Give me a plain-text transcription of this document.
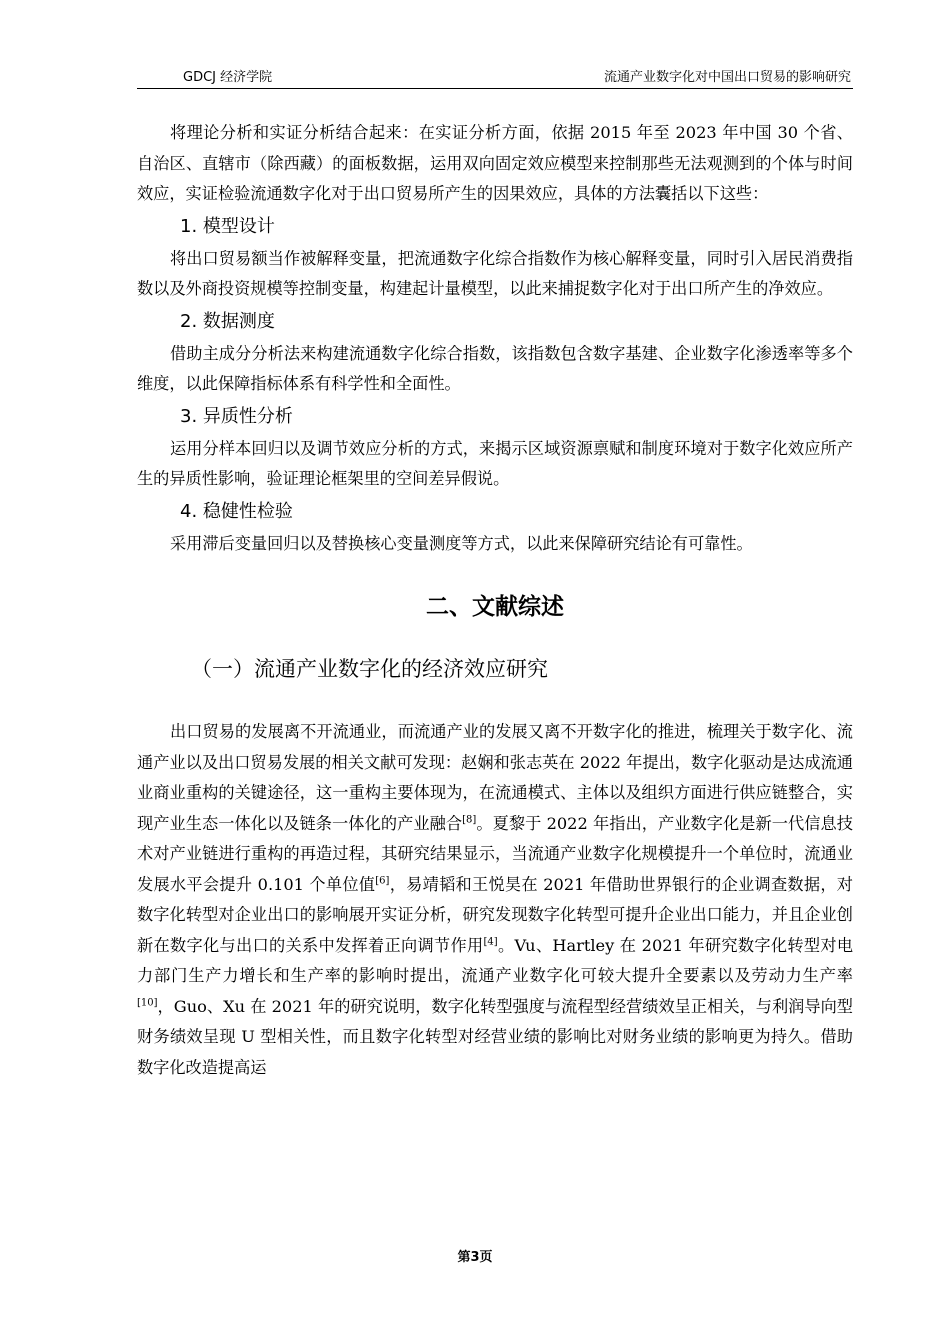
GDCJ 经济学院	流通产业数字化对中国出口贸易的影响研究

将理论分析和实证分析结合起来：在实证分析方面，依据 2015 年至 2023 年中国 30 个省、自治区、直辖市（除西藏）的面板数据，运用双向固定效应模型来控制那些无法观测到的个体与时间效应，实证检验流通数字化对于出口贸易所产生的因果效应，具体的方法囊括以下这些：

1. 模型设计

将出口贸易额当作被解释变量，把流通数字化综合指数作为核心解释变量，同时引入居民消费指数以及外商投资规模等控制变量，构建起计量模型，以此来捕捉数字化对于出口所产生的净效应。

2. 数据测度

借助主成分分析法来构建流通数字化综合指数，该指数包含数字基建、企业数字化渗透率等多个维度，以此保障指标体系有科学性和全面性。

3. 异质性分析

运用分样本回归以及调节效应分析的方式，来揭示区域资源禀赋和制度环境对于数字化效应所产生的异质性影响，验证理论框架里的空间差异假说。

4. 稳健性检验

采用滞后变量回归以及替换核心变量测度等方式，以此来保障研究结论有可靠性。

二、文献综述
（一）流通产业数字化的经济效应研究

出口贸易的发展离不开流通业，而流通产业的发展又离不开数字化的推进，梳理关于数字化、流通产业以及出口贸易发展的相关文献可发现：赵娴和张志英在 2022 年提出，数字化驱动是达成流通业商业重构的关键途径，这一重构主要体现为，在流通模式、主体以及组织方面进行供应链整合，实现产业生态一体化以及链条一体化的产业融合[8]。夏黎于 2022 年指出，产业数字化是新一代信息技术对产业链进行重构的再造过程，其研究结果显示，当流通产业数字化规模提升一个单位时，流通业发展水平会提升 0.101 个单位值[6]，易靖韬和王悦昊在 2021 年借助世界银行的企业调查数据，对数字化转型对企业出口的影响展开实证分析，研究发现数字化转型可提升企业出口能力，并且企业创新在数字化与出口的关系中发挥着正向调节作用[4]。Vu、Hartley 在 2021 年研究数字化转型对电力部门生产力增长和生产率的影响时提出，流通产业数字化可较大提升全要素以及劳动力生产率[10]，Guo、Xu 在 2021 年的研究说明，数字化转型强度与流程型经营绩效呈正相关，与利润导向型财务绩效呈现 U 型相关性，而且数字化转型对经营业绩的影响比对财务业绩的影响更为持久。借助数字化改造提高运

第3页
